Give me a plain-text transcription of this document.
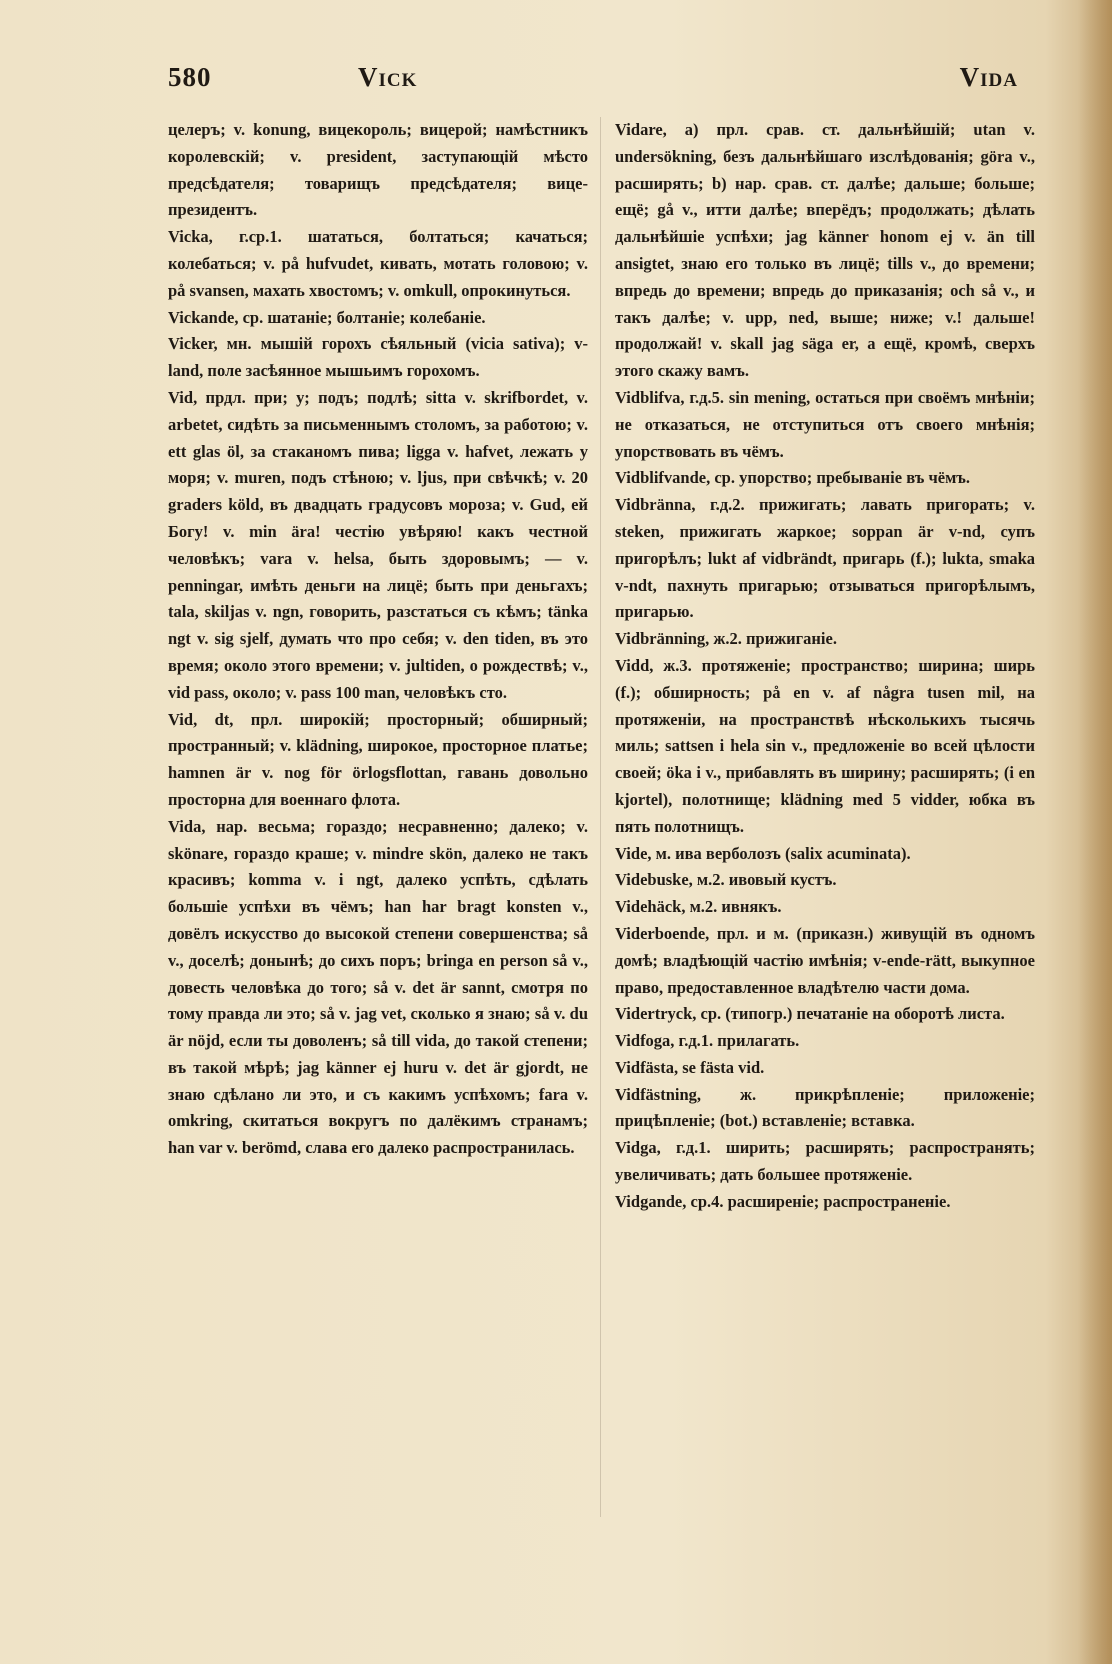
580	Vick	Vida

целеръ; v. konung, вицекороль; вицерой; намѣстникъ королевскій; v. president, заступающій мѣсто предсѣдателя; товарищъ предсѣдателя; вице-президентъ.

Vicka, г.ср.1. шататься, болтаться; качаться; колебаться; v. på hufvudet, кивать, мотать головою; v. på svansen, махать хвостомъ; v. omkull, опрокинуться.

Vickande, ср. шатаніе; болтаніе; колебаніе.

Vicker, мн. мышій горохъ сѣяльный (vicia sativa); v-land, поле засѣянное мышьимъ горохомъ.

Vid, прдл. при; у; подъ; подлѣ; sitta v. skrifbordet, v. arbetet, сидѣть за письменнымъ столомъ, за работою; v. ett glas öl, за стаканомъ пива; ligga v. hafvet, лежать у моря; v. muren, подъ стѣною; v. ljus, при свѣчкѣ; v. 20 graders köld, въ двадцать градусовъ мороза; v. Gud, ей Богу! v. min ära! честію увѣряю! какъ честной человѣкъ; vara v. helsa, быть здоровымъ; — v. penningar, имѣть деньги на лицё; быть при деньгахъ; tala, skiljas v. ngn, говорить, разстаться съ кѣмъ; tänka ngt v. sig sjelf, думать что про себя; v. den tiden, въ это время; около этого времени; v. jultiden, о рождествѣ; v., vid pass, около; v. pass 100 man, человѣкъ сто.

Vid, dt, прл. широкій; просторный; обширный; пространный; v. klädning, широкое, просторное платье; hamnen är v. nog för örlogsflottan, гавань довольно просторна для военнаго флота.

Vida, нар. весьма; гораздо; несравненно; далеко; v. skönare, гораздо краше; v. mindre skön, далеко не такъ красивъ; komma v. i ngt, далеко успѣть, сдѣлать большіе успѣхи въ чёмъ; han har bragt konsten v., довёлъ искусство до высокой степени совершенства; så v., доселѣ; донынѣ; до сихъ поръ; bringa en person så v., довесть человѣка до того; så v. det är sannt, смотря по тому правда ли это; så v. jag vet, сколько я знаю; så v. du är nöjd, если ты доволенъ; så till vida, до такой степени; въ такой мѣрѣ; jag känner ej huru v. det är gjordt, не знаю сдѣлано ли это, и съ какимъ успѣхомъ; fara v. omkring, скитаться вокругъ по далёкимъ странамъ; han var v. berömd, слава его далеко распространилась.

Vidare, а) прл. срав. ст. дальнѣйшій; utan v. undersökning, безъ дальнѣйшаго изслѣдованія; göra v., расширять; b) нар. срав. ст. далѣе; дальше; больше; ещё; gå v., итти далѣе; вперёдъ; продолжать; дѣлать дальнѣйшіе успѣхи; jag känner honom ej v. än till ansigtet, знаю его только въ лицё; tills v., до времени; впредь до времени; впредь до приказанія; och så v., и такъ далѣе; v. upp, ned, выше; ниже; v.! дальше! продолжай! v. skall jag säga er, а ещё, кромѣ, сверхъ этого скажу вамъ.

Vidblifva, г.д.5. sin mening, остаться при своёмъ мнѣніи; не отказаться, не отступиться отъ своего мнѣнія; упорствовать въ чёмъ.

Vidblifvande, ср. упорство; пребываніе въ чёмъ.

Vidbränna, г.д.2. прижигать; лавать пригорать; v. steken, прижигать жаркое; soppan är v-nd, супъ пригорѣлъ; lukt af vidbrändt, пригарь (f.); lukta, smaka v-ndt, пахнуть пригарью; отзываться пригорѣлымъ, пригарью.

Vidbränning, ж.2. прижиганіе.

Vidd, ж.3. протяженіе; пространство; ширина; ширь (f.); обширность; på en v. af några tusen mil, на протяженіи, на пространствѣ нѣсколькихъ тысячь миль; sattsen i hela sin v., предложеніе во всей цѣлости своей; öka i v., прибавлять въ ширину; расширять; (i en kjortel), полотнище; klädning med 5 vidder, юбка въ пять полотнищъ.

Vide, м. ива верболозъ (salix acuminata).

Videbuske, м.2. ивовый кустъ.

Videhäck, м.2. ивнякъ.

Viderboende, прл. и м. (приказн.) живущій въ одномъ домѣ; владѣющій частію имѣнія; v-ende-rätt, выкупное право, предоставленное владѣтелю части дома.

Vidertryck, ср. (типогр.) печатаніе на оборотѣ листа.

Vidfoga, г.д.1. прилагать.

Vidfästa, se fästa vid.

Vidfästning, ж. прикрѣпленіе; приложеніе; прицѣпленіе; (bot.) вставленіе; вставка.

Vidga, г.д.1. ширить; расширять; распространять; увеличивать; дать большее протяженіе.

Vidgande, ср.4. расширеніе; распространеніе.
